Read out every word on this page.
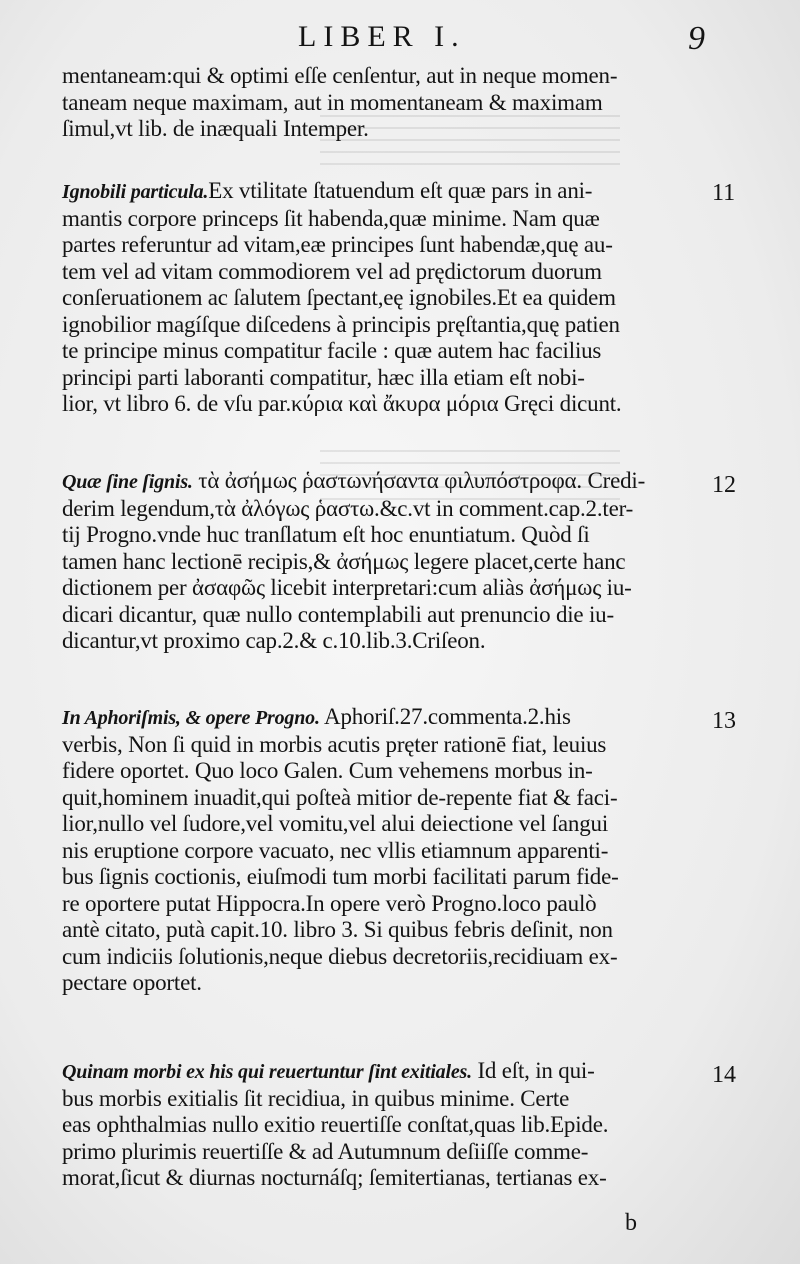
LIBER I.	9
mentaneam:qui & optimi eſſe cenſentur, aut in neque momen-
taneam neque maximam, aut in momentaneam & maximam
ſimul,vt lib. de inæquali Intemper.
11
Ignobili particula.Ex vtilitate ſtatuendum eſt quæ pars in ani-
mantis corpore princeps ſit habenda,quæ minime. Nam quæ
partes referuntur ad vitam,eæ principes ſunt habendæ,quę au-
tem vel ad vitam commodiorem vel ad prędictorum duorum
conſeruationem ac ſalutem ſpectant,eę ignobiles.Et ea quidem
ignobilior magíſque diſcedens à principis pręſtantia,quę patien
te principe minus compatitur facile : quæ autem hac facilius
principi parti laboranti compatitur, hæc illa etiam eſt nobi-
lior, vt libro 6. de vſu par.κύρια καὶ ἄκυρα μόρια Gręci dicunt.
12
Quæ ſine ſignis. τὰ ἀσήμως ῥαστωνήσαντα φιλυπόστροφα. Credi-
derim legendum,τὰ ἀλόγως ῥαστω.&c.vt in comment.cap.2.ter-
tij Progno.vnde huc tranſlatum eſt hoc enuntiatum. Quòd ſi
tamen hanc lectionē recipis,& ἀσήμως legere placet,certe hanc
dictionem per ἀσαφῶς licebit interpretari:cum aliàs ἀσήμως iu-
dicari dicantur, quæ nullo contemplabili aut prenuncio die iu-
dicantur,vt proximo cap.2.& c.10.lib.3.Criſeon.
13
In Aphoriſmis, & opere Progno. Aphoriſ.27.commenta.2.his
verbis, Non ſi quid in morbis acutis pręter rationē fiat, leuius
fidere oportet. Quo loco Galen. Cum vehemens morbus in-
quit,hominem inuadit,qui poſteà mitior de-repente fiat & faci-
lior,nullo vel ſudore,vel vomitu,vel alui deiectione vel ſangui
nis eruptione corpore vacuato, nec vllis etiamnum apparenti-
bus ſignis coctionis, eiuſmodi tum morbi facilitati parum fide-
re oportere putat Hippocra.In opere verò Progno.loco paulò
antè citato, putà capit.10. libro 3. Si quibus febris deſinit, non
cum indiciis ſolutionis,neque diebus decretoriis,recidiuam ex-
pectare oportet.
14
Quinam morbi ex his qui reuertuntur ſint exitiales. Id eſt, in qui-
bus morbis exitialis ſit recidiua, in quibus minime. Certe
eas ophthalmias nullo exitio reuertiſſe conſtat,quas lib.Epide.
primo plurimis reuertiſſe & ad Autumnum deſiiſſe comme-
morat,ſicut & diurnas nocturnáſq; ſemitertianas, tertianas ex-
b
